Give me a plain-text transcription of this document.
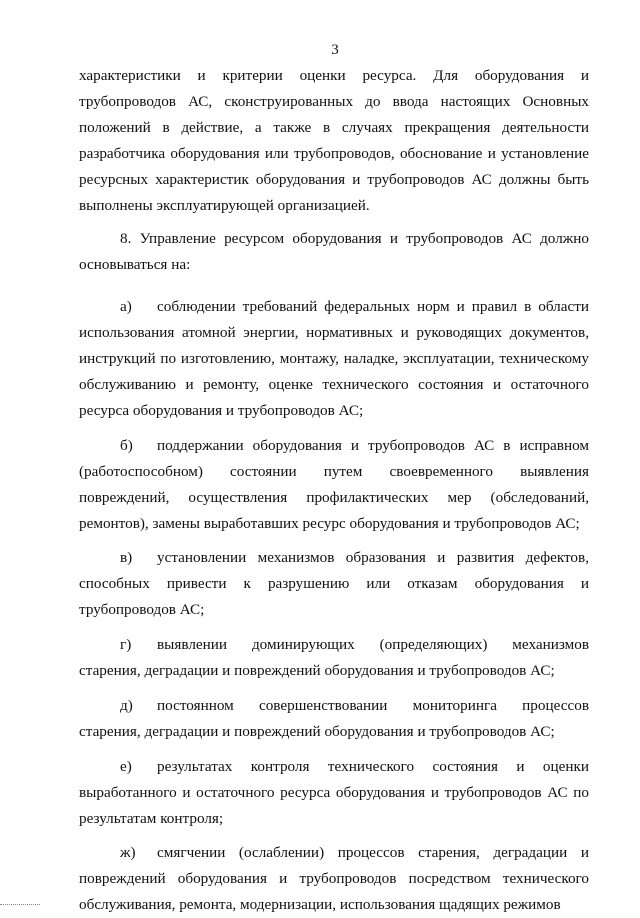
3

характеристики и критерии оценки ресурса. Для оборудования и трубопроводов АС, сконструированных до ввода настоящих Основных положений в действие, а также в случаях прекращения деятельности разработчика оборудования или трубопроводов, обоснование и установление ресурсных характеристик оборудования и трубопроводов АС должны быть выполнены эксплуатирующей организацией.

8. Управление ресурсом оборудования и трубопроводов АС должно основываться на:

а) соблюдении требований федеральных норм и правил в области использования атомной энергии, нормативных и руководящих документов, инструкций по изготовлению, монтажу, наладке, эксплуатации, техническому обслуживанию и ремонту, оценке технического состояния и остаточного ресурса оборудования и трубопроводов АС;

б) поддержании оборудования и трубопроводов АС в исправном (работоспособном) состоянии путем своевременного выявления повреждений, осуществления профилактических мер (обследований, ремонтов), замены выработавших ресурс оборудования и трубопроводов АС;

в) установлении механизмов образования и развития дефектов, способных привести к разрушению или отказам оборудования и трубопроводов АС;

г) выявлении доминирующих (определяющих) механизмов старения, деградации и повреждений оборудования и трубопроводов АС;

д) постоянном совершенствовании мониторинга процессов старения, деградации и повреждений оборудования и трубопроводов АС;

е) результатах контроля технического состояния и оценки выработанного и остаточного ресурса оборудования и трубопроводов АС по результатам контроля;

ж) смягчении (ослаблении) процессов старения, деградации и повреждений оборудования и трубопроводов посредством технического обслуживания, ремонта, модернизации, использования щадящих режимов
